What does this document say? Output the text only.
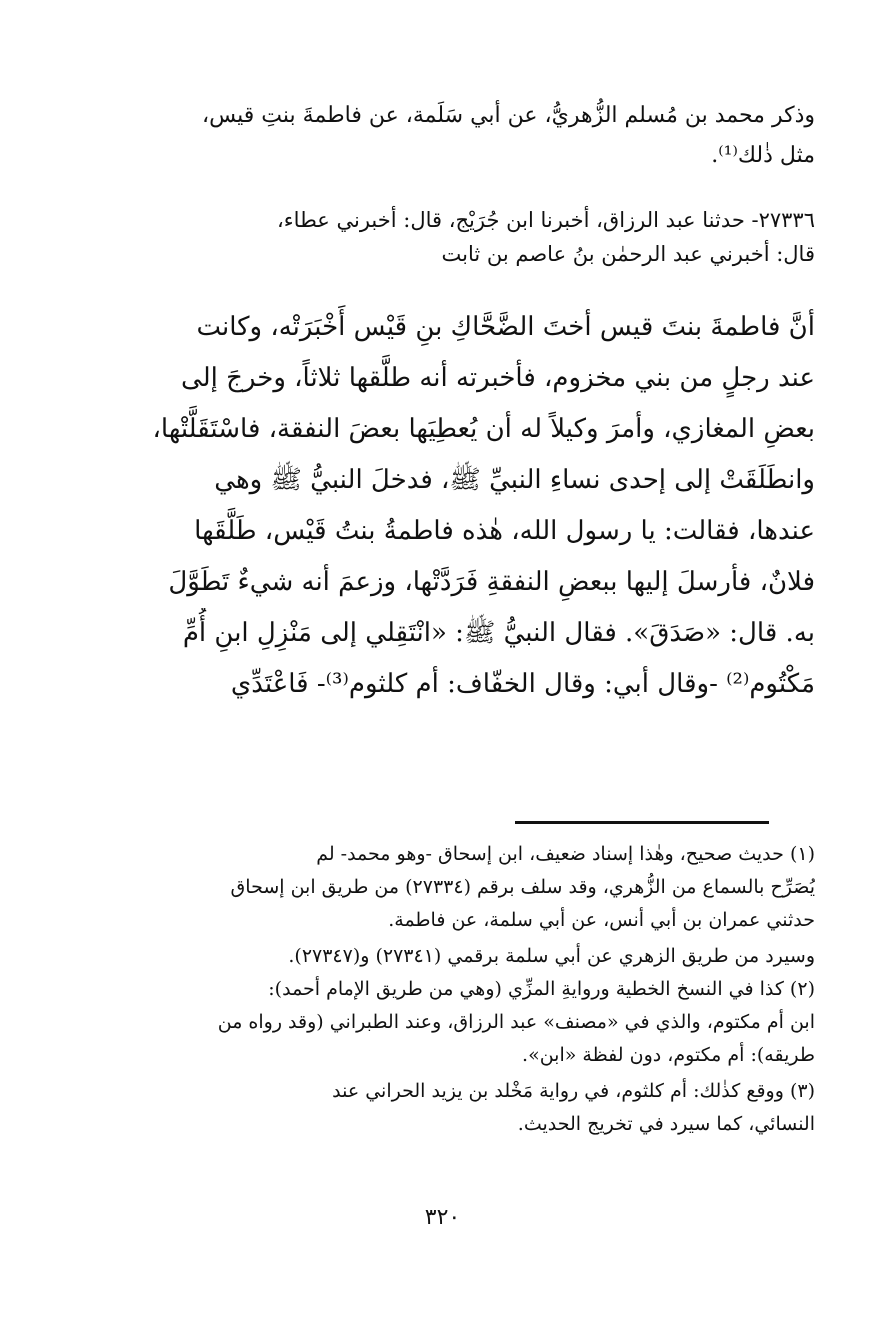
وذكر محمد بن مُسلم الزُّهريُّ، عن أبي سَلَمة، عن فاطمةَ بنتِ قيس،
مثل ذٰلك⁽¹⁾.
٢٧٣٣٦- حدثنا عبد الرزاق، أخبرنا ابن جُرَيْج، قال: أخبرني عطاء،
قال: أخبرني عبد الرحمٰن بنُ عاصم بن ثابت
أنَّ فاطمةَ بنتَ قيس أختَ الضَّحَّاكِ بنِ قَيْس أَخْبَرَتْه، وكانت
عند رجلٍ من بني مخزوم، فأخبرته أنه طلَّقها ثلاثاً، وخرجَ إلى
بعضِ المغازي، وأمرَ وكيلاً له أن يُعطِيَها بعضَ النفقة، فاسْتَقَلَّتْها،
وانطَلَقَتْ إلى إحدى نساءِ النبيِّ ﷺ، فدخلَ النبيُّ ﷺ وهي
عندها، فقالت: يا رسول الله، هٰذه فاطمةُ بنتُ قَيْس، طَلَّقَها
فلانٌ، فأرسلَ إليها ببعضِ النفقةِ فَرَدَّتْها، وزعمَ أنه شيءٌ تَطَوَّلَ
به. قال: «صَدَقَ». فقال النبيُّ ﷺ: «انْتَقِلي إلى مَنْزِلِ ابنِ أُمِّ
مَكْتُوم⁽²⁾ -وقال أبي: وقال الخفّاف: أم كلثوم⁽³⁾- فَاعْتَدِّي
(١) حديث صحيح، وهٰذا إسناد ضعيف، ابن إسحاق -وهو محمد- لم
يُصَرِّح بالسماع من الزُّهري، وقد سلف برقم (٢٧٣٣٤) من طريق ابن إسحاق
حدثني عمران بن أبي أنس، عن أبي سلمة، عن فاطمة.
وسيرد من طريق الزهري عن أبي سلمة برقمي (٢٧٣٤١) و(٢٧٣٤٧).
(٢) كذا في النسخ الخطية وروايةِ المزِّي (وهي من طريق الإمام أحمد):
ابن أم مكتوم، والذي في «مصنف» عبد الرزاق، وعند الطبراني (وقد رواه من
طريقه): أم مكتوم، دون لفظة «ابن».
(٣) ووقع كذٰلك: أم كلثوم، في رواية مَخْلد بن يزيد الحراني عند
النسائي، كما سيرد في تخريج الحديث.
٣٢٠
